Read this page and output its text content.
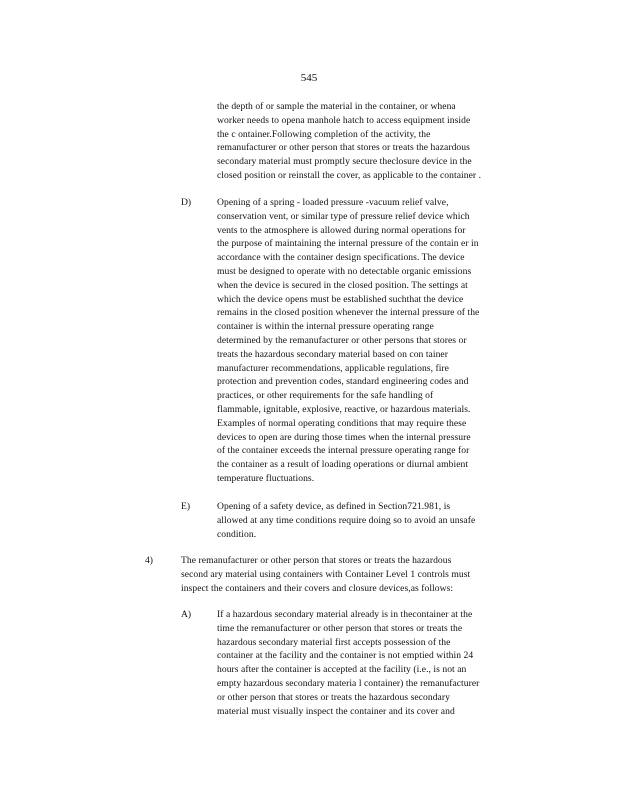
545
the depth of or sample the material in the container, or whena
worker needs to opena manhole hatch to access equipment inside
the c ontainer.Following completion of the activity, the
remanufacturer or other person that stores or treats the hazardous
secondary material must promptly secure theclosure device in the
closed position or reinstall the cover, as applicable to the container .
D)	Opening of a spring - loaded pressure -vacuum relief valve,
conservation vent, or similar type of pressure relief device which
vents to the atmosphere is allowed during normal operations for
the purpose of maintaining the internal pressure of the contain er in
accordance with the container design specifications. The device
must be designed to operate with no detectable organic emissions
when the device is secured in the closed position. The settings at
which the device opens must be established suchthat the device
remains in the closed position whenever the internal pressure of the
container is within the internal pressure operating range
determined by the remanufacturer or other persons that stores or
treats the hazardous secondary material based on con tainer
manufacturer recommendations, applicable regulations, fire
protection and prevention codes, standard engineering codes and
practices, or other requirements for the safe handling of
flammable, ignitable, explosive, reactive, or hazardous materials.
Examples of normal operating conditions that may require these
devices to open are during those times when the internal pressure
of the container exceeds the internal pressure operating range for
the container as a result of loading operations or diurnal ambient
temperature fluctuations.
E)	Opening of a safety device, as defined in Section721.981, is
allowed at any time conditions require doing so to avoid an unsafe
condition.
4)	The remanufacturer or other person that stores or treats the hazardous
second ary material using containers with Container Level 1 controls must
inspect the containers and their covers and closure devices,as follows:
A)	If a hazardous secondary material already is in thecontainer at the
time the remanufacturer or other person that stores or treats the
hazardous secondary material first accepts possession of the
container at the facility and the container is not emptied within 24
hours after the container is accepted at the facility (i.e., is not an
empty hazardous secondary materia l container) the remanufacturer
or other person that stores or treats the hazardous secondary
material must visually inspect the container and its cover and
